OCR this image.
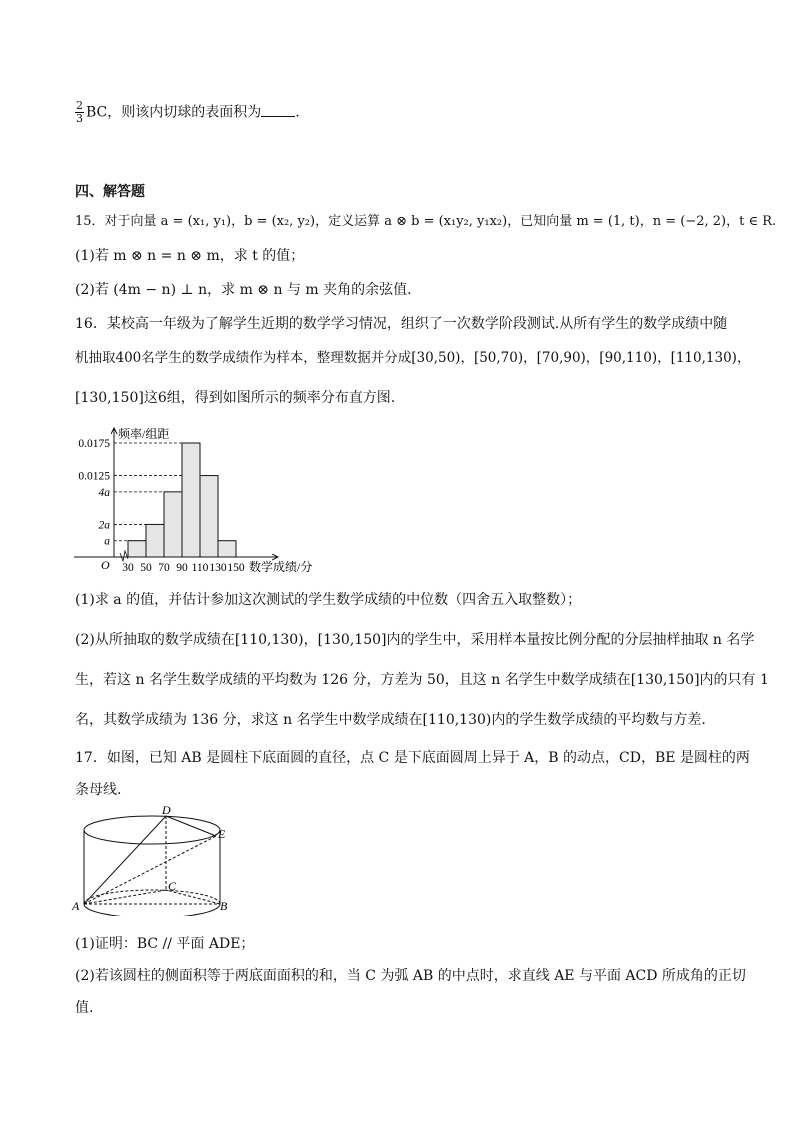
$\frac{2}{3}$ BC，则该内切球的表面积为 .
四、解答题
15．对于向量 a = (x₁, y₁)，b = (x₂, y₂)，定义运算 a ⊗ b = (x₁y₂, y₁x₂)，已知向量 m = (1, t)，n = (−2, 2)，t ∈ R.
(1)若 m ⊗ n = n ⊗ m，求 t 的值；
(2)若 (4m − n) ⊥ n，求 m ⊗ n 与 m 夹角的余弦值.
16．某校高一年级为了解学生近期的数学学习情况，组织了一次数学阶段测试.从所有学生的数学成绩中随
机抽取400名学生的数学成绩作为样本，整理数据并分成[30,50)，[50,70)，[70,90)，[90,110)，[110,130)，
[130,150]这6组，得到如图所示的频率分布直方图.
频率/组距
数学成绩/分
O
a
2a
4a
0.0125
0.0175
30 50 70 90 110 130 150
(1)求 a 的值，并估计参加这次测试的学生数学成绩的中位数（四舍五入取整数）；
(2)从所抽取的数学成绩在[110,130)，[130,150]内的学生中，采用样本量按比例分配的分层抽样抽取 n 名学
生，若这 n 名学生数学成绩的平均数为 126 分，方差为 50，且这 n 名学生中数学成绩在[130,150]内的只有 1
名，其数学成绩为 136 分，求这 n 名学生中数学成绩在[110,130)内的学生数学成绩的平均数与方差.
17．如图，已知 AB 是圆柱下底面圆的直径，点 C 是下底面圆周上异于 A，B 的动点，CD，BE 是圆柱的两
条母线.
D
E
C
A	B
(1)证明：BC // 平面 ADE；
(2)若该圆柱的侧面积等于两底面面积的和，当 C 为弧 AB 的中点时，求直线 AE 与平面 ACD 所成角的正切
值.
